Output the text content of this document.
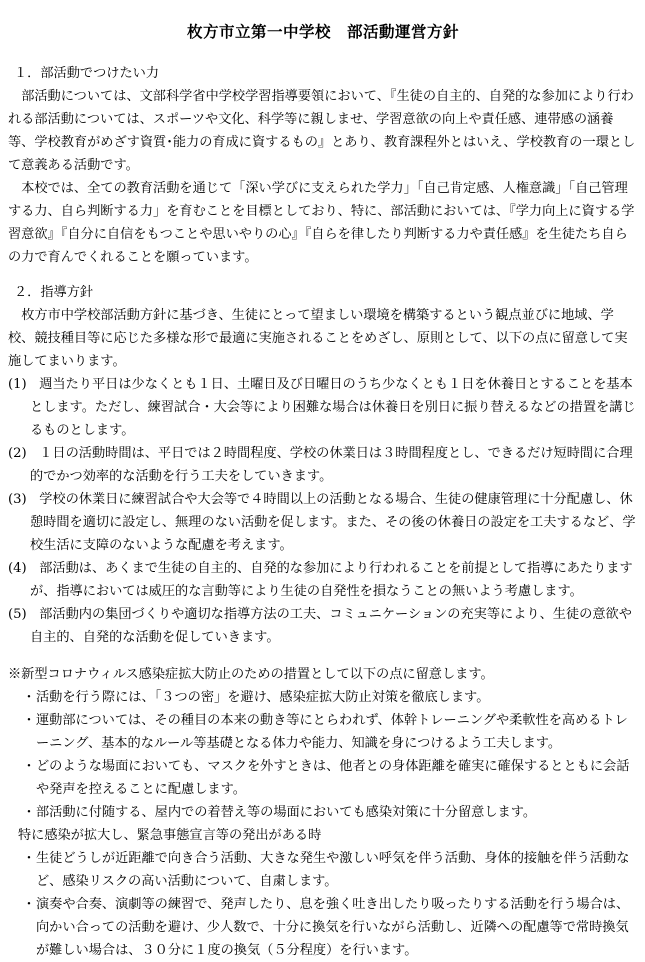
枚方市立第一中学校　部活動運営方針
１．部活動でつけたい力

部活動については、文部科学省中学校学習指導要領において、『生徒の自主的、自発的な参加により行われる部活動については、スポーツや文化、科学等に親しませ、学習意欲の向上や責任感、連帯感の涵養等、学校教育がめざす資質･能力の育成に資するもの』とあり、教育課程外とはいえ、学校教育の一環として意義ある活動です。

本校では、全ての教育活動を通じて「深い学びに支えられた学力」「自己肯定感、人権意識」「自己管理する力、自ら判断する力」を育むことを目標としており、特に、部活動においては、『学力向上に資する学習意欲』『自分に自信をもつことや思いやりの心』『自らを律したり判断する力や責任感』を生徒たち自らの力で育んでくれることを願っています。

２．指導方針

枚方市中学校部活動方針に基づき、生徒にとって望ましい環境を構築するという観点並びに地域、学校、競技種目等に応じた多様な形で最適に実施されることをめざし、原則として、以下の点に留意して実施してまいります。

(1) 週当たり平日は少なくとも１日、土曜日及び日曜日のうち少なくとも１日を休養日とすることを基本とします。ただし、練習試合・大会等により困難な場合は休養日を別日に振り替えるなどの措置を講じるものとします。
(2) １日の活動時間は、平日では２時間程度、学校の休業日は３時間程度とし、できるだけ短時間に合理的でかつ効率的な活動を行う工夫をしていきます。
(3) 学校の休業日に練習試合や大会等で４時間以上の活動となる場合、生徒の健康管理に十分配慮し、休憩時間を適切に設定し、無理のない活動を促します。また、その後の休養日の設定を工夫するなど、学校生活に支障のないような配慮を考えます。
(4) 部活動は、あくまで生徒の自主的、自発的な参加により行われることを前提として指導にあたりますが、指導においては威圧的な言動等により生徒の自発性を損なうことの無いよう考慮します。
(5) 部活動内の集団づくりや適切な指導方法の工夫、コミュニケーションの充実等により、生徒の意欲や自主的、自発的な活動を促していきます。
※新型コロナウィルス感染症拡大防止のための措置として以下の点に留意します。
・ 活動を行う際には、「３つの密」を避け、感染症拡大防止対策を徹底します。
・ 運動部については、その種目の本来の動き等にとらわれず、体幹トレーニングや柔軟性を高めるトレーニング、基本的なルール等基礎となる体力や能力、知識を身につけるよう工夫します。
・ どのような場面においても、マスクを外すときは、他者との身体距離を確実に確保するとともに会話や発声を控えることに配慮します。
・ 部活動に付随する、屋内での着替え等の場面においても感染対策に十分留意します。
特に感染が拡大し、緊急事態宣言等の発出がある時
・ 生徒どうしが近距離で向き合う活動、大きな発生や激しい呼気を伴う活動、身体的接触を伴う活動など、感染リスクの高い活動について、自粛します。
・ 演奏や合奏、演劇等の練習で、発声したり、息を強く吐き出したり吸ったりする活動を行う場合は、向かい合っての活動を避け、少人数で、十分に換気を行いながら活動し、近隣への配慮等で常時換気が難しい場合は、３０分に１度の換気（５分程度）を行います。
